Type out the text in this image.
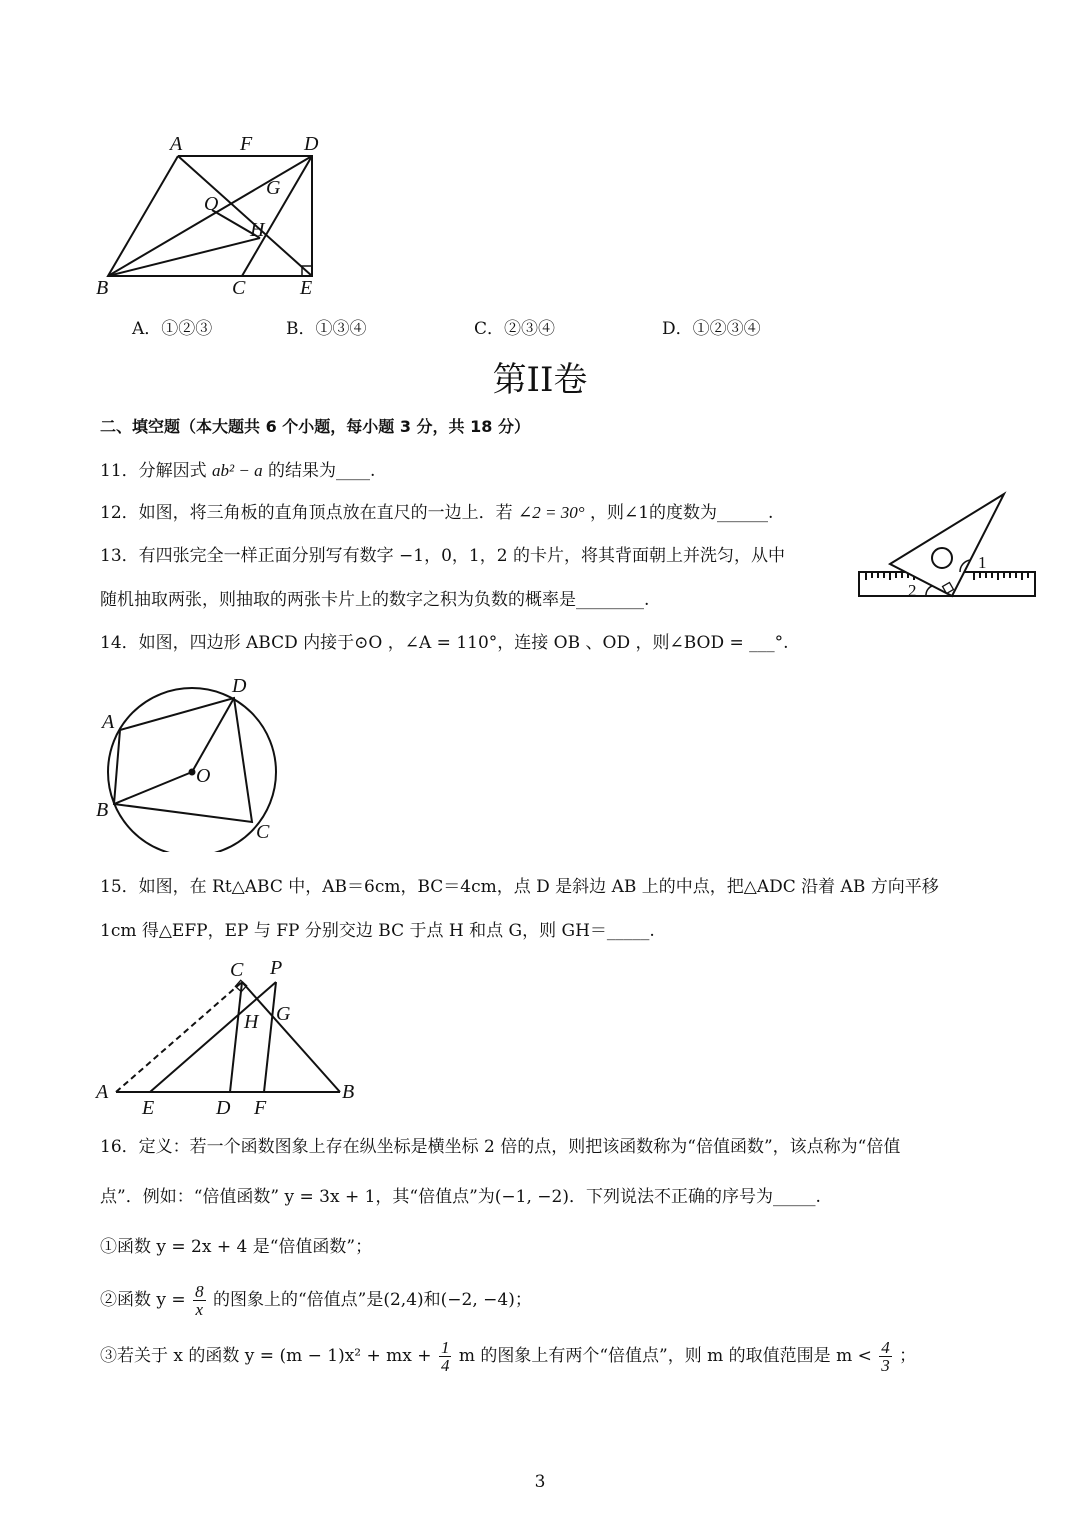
A	F	D
G
O
H
B	C	E
A．①②③	B．①③④	C．②③④	D．①②③④
第II卷
二、填空题（本大题共 6 个小题，每小题 3 分，共 18 分）
11．分解因式 ab² − a 的结果为____.
12．如图，将三角板的直角顶点放在直尺的一边上．若 ∠2 = 30° ，则∠1的度数为______.
13．有四张完全一样正面分别写有数字 −1，0，1，2 的卡片，将其背面朝上并洗匀，从中
随机抽取两张，则抽取的两张卡片上的数字之积为负数的概率是________.
1
2
14．如图，四边形 ABCD 内接于⊙O ，∠A = 110°，连接 OB 、OD ，则∠BOD = ___°.
D
A
O
B
C
15．如图，在 Rt△ABC 中，AB＝6cm，BC＝4cm，点 D 是斜边 AB 上的中点，把△ADC 沿着 AB 方向平移
1cm 得△EFP，EP 与 FP 分别交边 BC 于点 H 和点 G，则 GH＝_____.
C P
H G
A	B
E	D F
16．定义：若一个函数图象上存在纵坐标是横坐标 2 倍的点，则把该函数称为“倍值函数”，该点称为“倍值
点”．例如：“倍值函数” y = 3x + 1，其“倍值点”为(−1, −2)．下列说法不正确的序号为_____.
①函数 y = 2x + 4 是“倍值函数”；
②函数 $y = \frac{8}{x}$ 的图象上的“倍值点”是(2,4)和(−2, −4)；
③若关于 x 的函数 y = (m − 1)x² + mx + $\frac{1}{4}$ m 的图象上有两个“倍值点”，则 m 的取值范围是 $m < \frac{4}{3}$ ；
3
